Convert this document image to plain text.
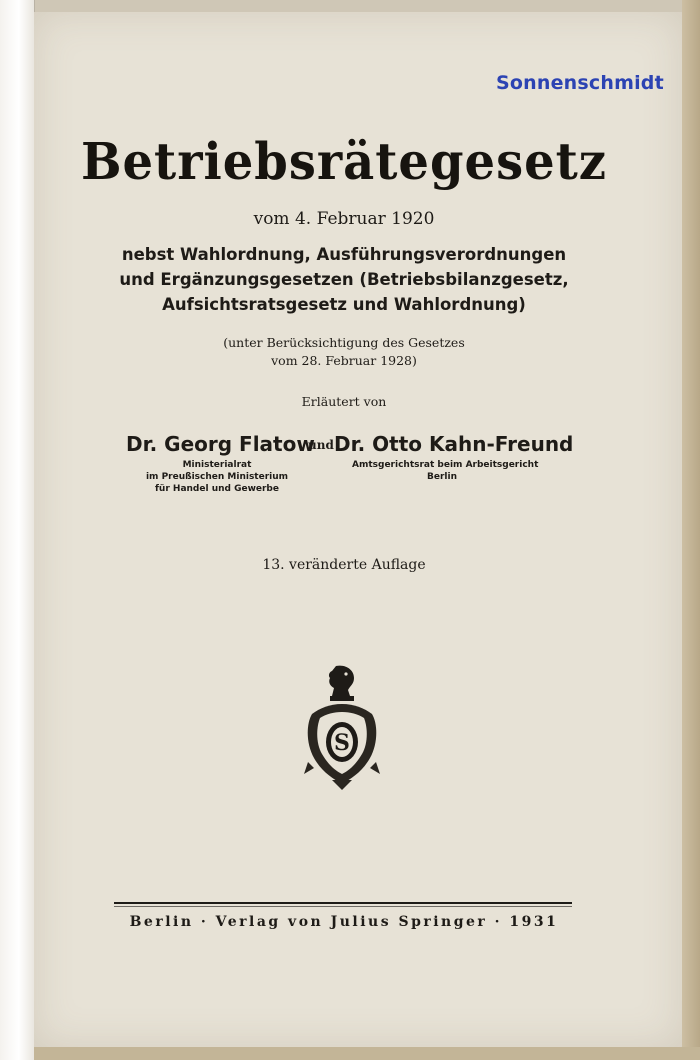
Sonnenschmidt
Betriebsrätegesetz
vom 4. Februar 1920
nebst Wahlordnung, Ausführungsverordnungen
und Ergänzungsgesetzen (Betriebsbilanzgesetz,
Aufsichtsratsgesetz und Wahlordnung)
(unter Berücksichtigung des Gesetzes
vom 28. Februar 1928)
Erläutert von
Dr. Georg Flatow
und Dr. Otto Kahn-Freund
Ministerialrat
im Preußischen Ministerium
für Handel und Gewerbe
Amtsgerichtsrat beim Arbeitsgericht
Berlin
13. veränderte Auflage
S
Berlin · Verlag von Julius Springer · 1931
